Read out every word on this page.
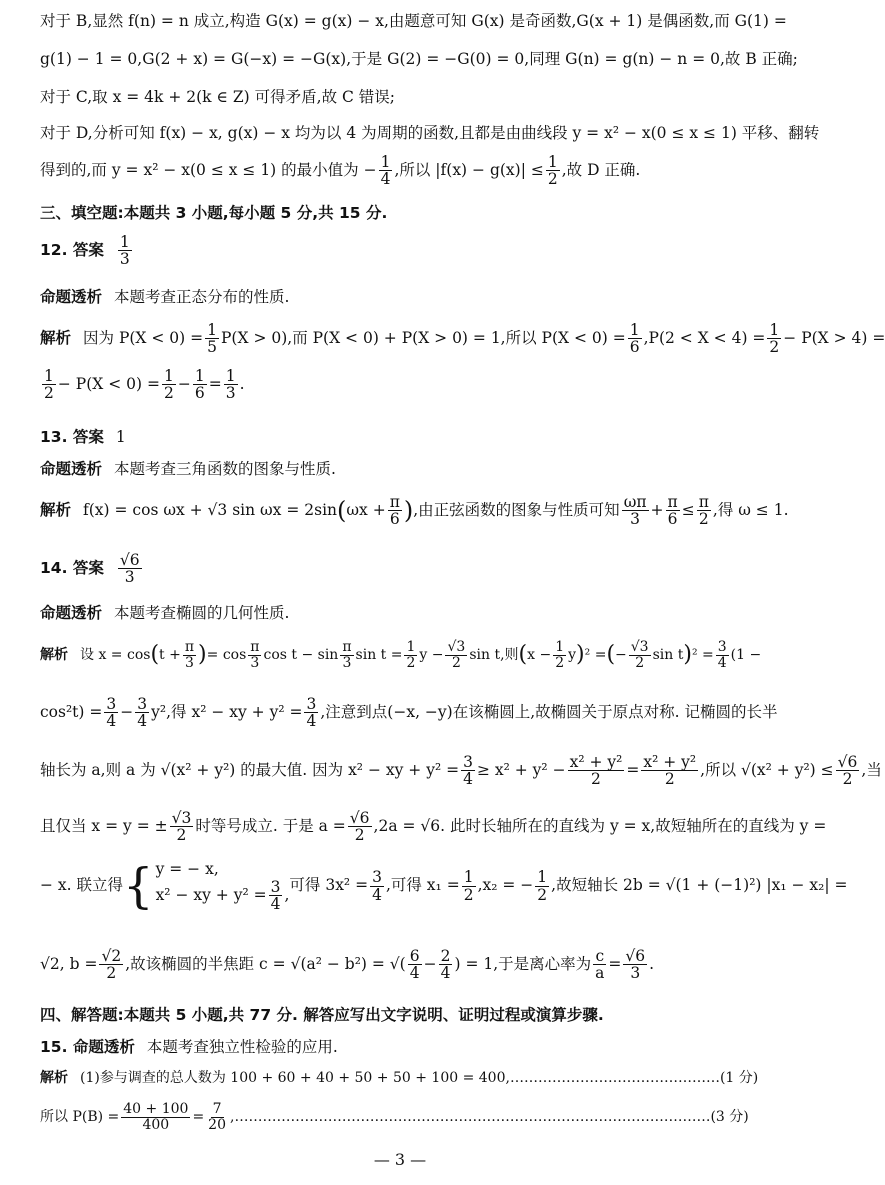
对于 B,显然 f(n) = n 成立,构造 G(x) = g(x) − x,由题意可知 G(x) 是奇函数,G(x + 1) 是偶函数,而 G(1) =
g(1) − 1 = 0,G(2 + x) = G(−x) = −G(x),于是 G(2) = −G(0) = 0,同理 G(n) = g(n) − n = 0,故 B 正确;
对于 C,取 x = 4k + 2(k ∈ Z) 可得矛盾,故 C 错误;
对于 D,分析可知 f(x) − x, g(x) − x 均为以 4 为周期的函数,且都是由曲线段 y = x² − x(0 ≤ x ≤ 1) 平移、翻转
得到的,而 y = x² − x(0 ≤ x ≤ 1) 的最小值为 − $\frac{1}{4}$ ,所以 $|f(x) - g(x)| \le \frac{1}{2}$ ,故 D 正确.
三、填空题:本题共 3 小题,每小题 5 分,共 15 分.
12. 答案 $\frac{1}{3}$
命题透析 本题考查正态分布的性质.
解析 因为 $P(X < 0) = \frac{1}{5} P(X > 0)$,而 P(X < 0) + P(X > 0) = 1,所以 $P(X < 0) = \frac{1}{6} ,P(2 < X < 4) = \frac{1}{2} - P(X > 4)$ =
$\frac{1}{2} - P(X < 0) = \frac{1}{2} - \frac{1}{6} = \frac{1}{3}$ .
13. 答案 1
命题透析 本题考查三角函数的图象与性质.
解析 f(x) = cos ωx + √3 $\sin \omega x = 2\sin(\omega x + \frac{\pi}{6}$ ),由正弦函数的图象与性质可知 $\frac{\omega\pi}{3} + \frac{\pi}{6} \le \frac{\pi}{2}$ ,得 ω ≤ 1.
14. 答案 $\frac{√6}{3}$
命题透析 本题考查椭圆的几何性质.
解析 设 $x = \cos(t + \frac{\pi}{3}$ )= $\cos \frac{\pi}{3}$ $\cos t - \sin \frac{\pi}{3}$ $\sin t = \frac{1}{2}$ $y - \frac{√3}{2}$ sin t,则$(x - \frac{1}{2} y)^2$ =(− $\frac{√3}{2}$ $\sin t)^2 = \frac{3}{4} (1$ −
$\cos^2t) = \frac{3}{4} - \frac{3}{4} y^2$,得 x² − xy + $y^2 = \frac{3}{4}$ ,注意到点(−x, −y)在该椭圆上,故椭圆关于原点对称. 记椭圆的长半
轴长为 a,则 a 为 √(x² + y²) 的最大值. 因为 x² − xy + $y^2 = \frac{3}{4} \ge x^2 + y^2 - \frac{\text{x² + y²}}{2} = \frac{\text{x² + y²}}{2}$ ,所以 $√(x^2 + y^2) \le \frac{√6}{2}$ ,当
且仅当 x = y = ± $\frac{√3}{2}$ 时等号成立. 于是 $a = \frac{√6}{2} ,2a = √6$. 此时长轴所在的直线为 y = x,故短轴所在的直线为 y =
− x. 联立得 { y = − x,
x² − xy + $y^2 = \frac{3}{4}$ ,
可得 $3x^2 = \frac{3}{4}$ ,可得 $x_1 = \frac{1}{2} ,x_2$ = − $\frac{1}{2}$ ,故短轴长 2b = √(1 + (−1)²) |x₁ − x₂| =
√2, $b = \frac{√2}{2}$ ,故该椭圆的半焦距 c = √(a² − b²) = √( $\frac{6}{4} - \frac{2}{4}$ ) = 1,于是离心率为 $\frac{c}{a} = \frac{√6}{3}$ .
四、解答题:本题共 5 小题,共 77 分. 解答应写出文字说明、证明过程或演算步骤.
15. 命题透析 本题考查独立性检验的应用.
解析 (1)参与调查的总人数为 100 + 60 + 40 + 50 + 50 + 100 = 400,………………………………………(1 分)
所以 $P(B) = \frac{40 + 100}{400} = \frac{7}{20}$ ,…………………………………………………………………………………………(3 分)
— 3 —
